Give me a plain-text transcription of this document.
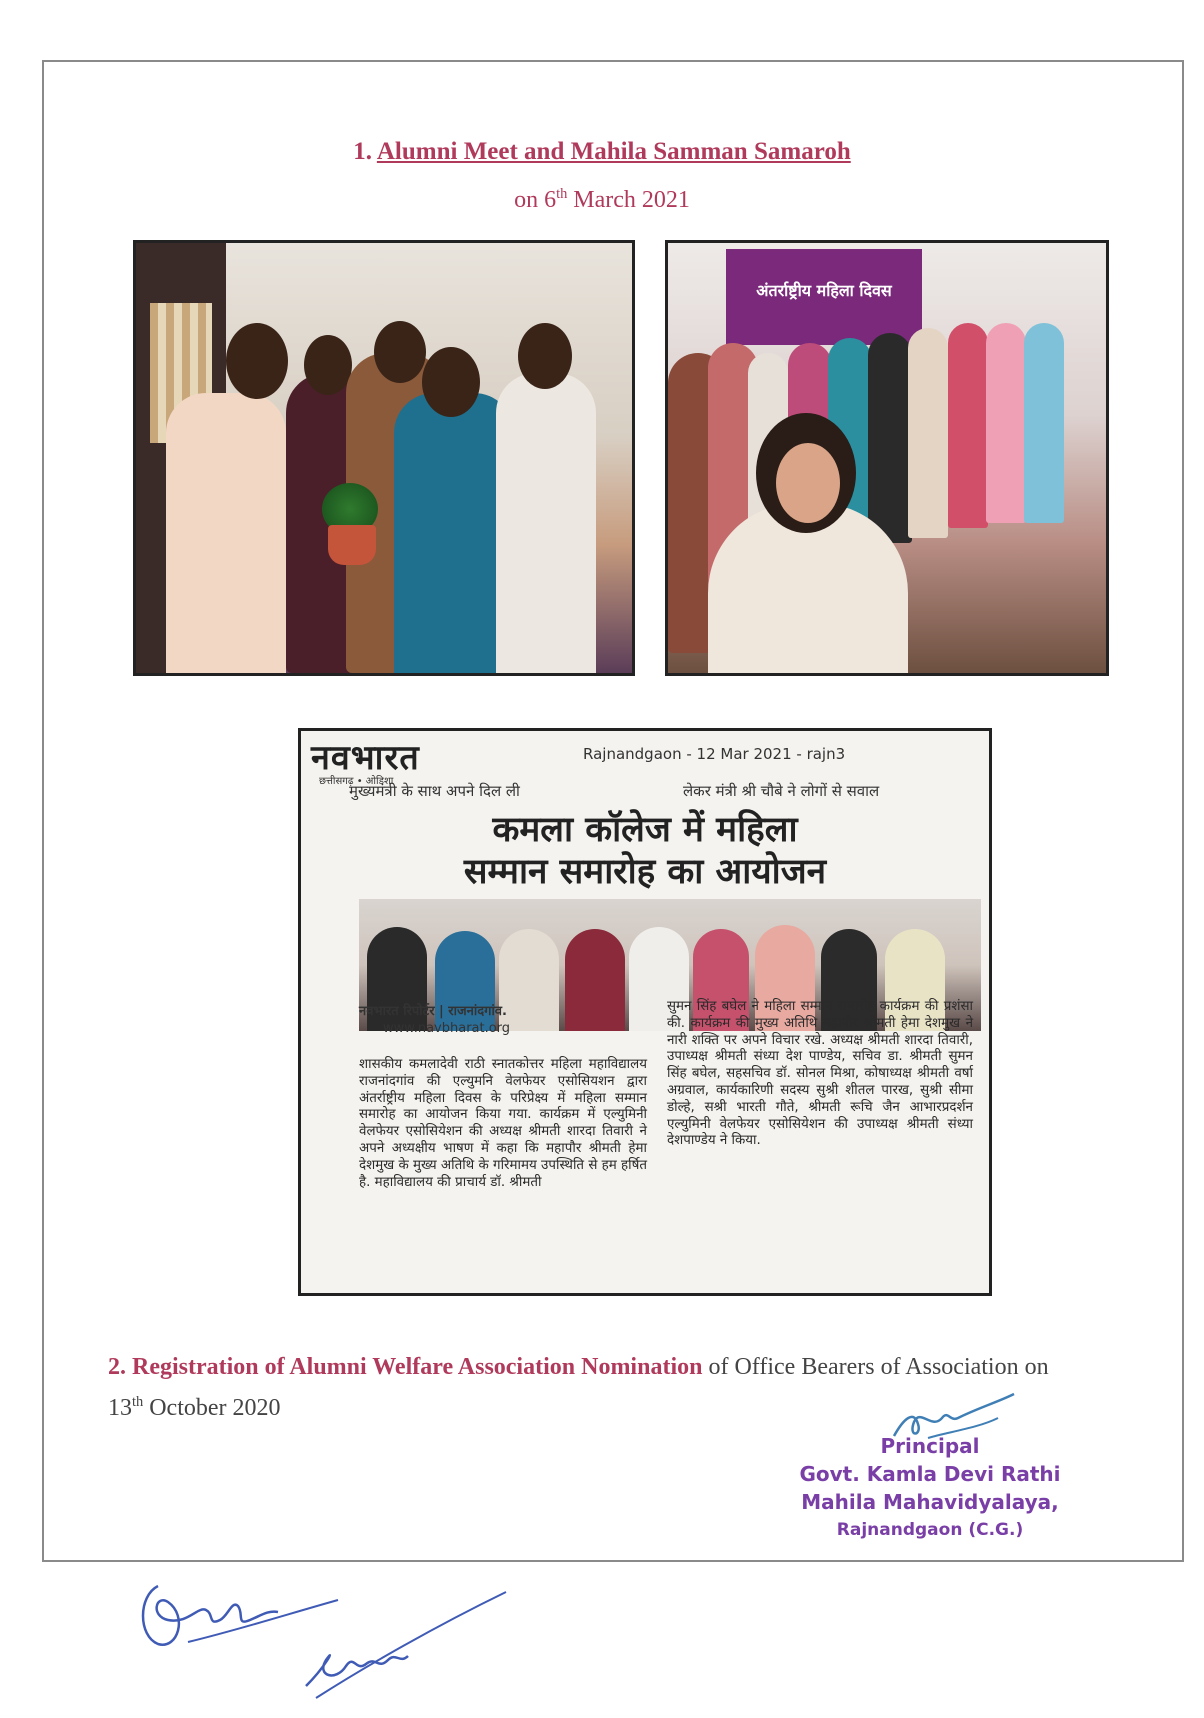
1. Alumni Meet and Mahila Samman Samaroh
on 6th March 2021
अंतर्राष्ट्रीय महिला दिवस
नवभारत
छत्तीसगढ़ • ओडिशा
Rajnandgaon - 12 Mar 2021 - rajn3
मुख्यमंत्री के साथ अपने दिल ली	लेकर मंत्री श्री चौबे ने लोगों से सवाल
कमला कॉलेज में महिला
सम्मान समारोह का आयोजन
नवभारत रिपोर्टर | राजनांदगांव.
www.navbharat.org
शासकीय कमलादेवी राठी स्नातकोत्तर महिला महाविद्यालय राजनांदगांव की एल्युमनि वेलफेयर एसोसियशन द्वारा अंतर्राष्ट्रीय महिला दिवस के परिप्रेक्ष्य में महिला सम्मान समारोह का आयोजन किया गया. कार्यक्रम में एल्युमिनी वेलफेयर एसोसियेशन की अध्यक्ष श्रीमती शारदा तिवारी ने अपने अध्यक्षीय भाषण में कहा कि महापौर श्रीमती हेमा देशमुख के मुख्य अतिथि के गरिमामय उपस्थिति से हम हर्षित है. महाविद्यालय की प्राचार्य डॉ. श्रीमती
सुमन सिंह बघेल ने महिला सम्मान समारोह कार्यक्रम की प्रशंसा की. कार्यक्रम की मुख्य अतिथि महापौर श्रीमती हेमा देशमुख ने नारी शक्ति पर अपने विचार रखे. अध्यक्ष श्रीमती शारदा तिवारी, उपाध्यक्ष श्रीमती संध्या देश पाण्डेय, सचिव डा. श्रीमती सुमन सिंह बघेल, सहसचिव डॉ. सोनल मिश्रा, कोषाध्यक्ष श्रीमती वर्षा अग्रवाल, कार्यकारिणी सदस्य सुश्री शीतल पारख, सुश्री सीमा डोल्हे, सश्री भारती गौते, श्रीमती रूचि जैन आभारप्रदर्शन एल्युमिनी वेलफेयर एसोसियेशन की उपाध्यक्ष श्रीमती संध्या देशपाण्डेय ने किया.
2. Registration of Alumni Welfare Association Nomination of Office Bearers of Association on 13th October 2020
Principal
Govt. Kamla Devi Rathi
Mahila Mahavidyalaya,
Rajnandgaon (C.G.)
